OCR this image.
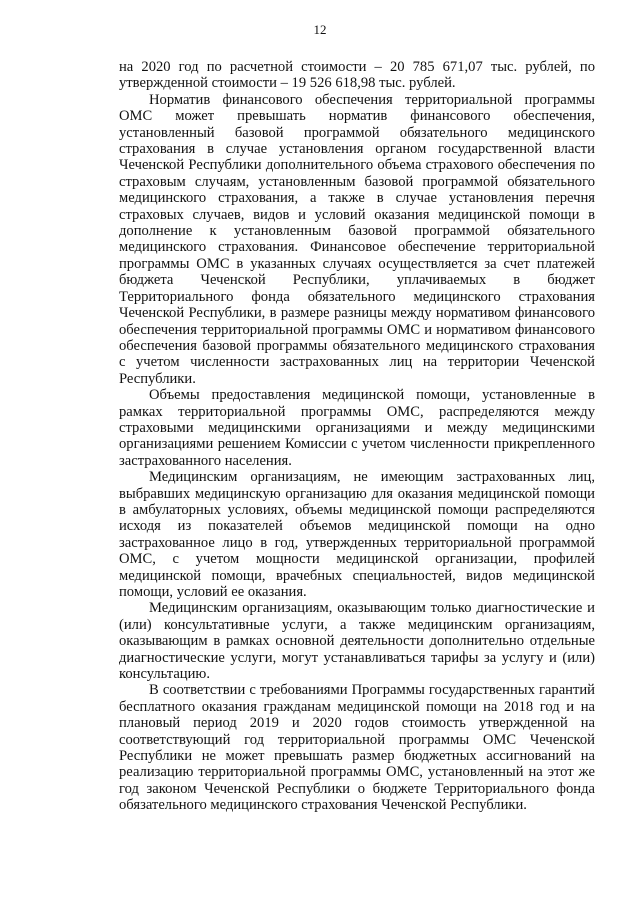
12

на 2020 год по расчетной стоимости – 20 785 671,07 тыс. рублей, по утвержденной стоимости – 19 526 618,98 тыс. рублей.

Норматив финансового обеспечения территориальной программы ОМС может превышать норматив финансового обеспечения, установленный базовой программой обязательного медицинского страхования в случае установления органом государственной власти Чеченской Республики дополнительного объема страхового обеспечения по страховым случаям, установленным базовой программой обязательного медицинского страхования, а также в случае установления перечня страховых случаев, видов и условий оказания медицинской помощи в дополнение к установленным базовой программой обязательного медицинского страхования. Финансовое обеспечение территориальной программы ОМС в указанных случаях осуществляется за счет платежей бюджета Чеченской Республики, уплачиваемых в бюджет Территориального фонда обязательного медицинского страхования Чеченской Республики, в размере разницы между нормативом финансового обеспечения территориальной программы ОМС и нормативом финансового обеспечения базовой программы обязательного медицинского страхования с учетом численности застрахованных лиц на территории Чеченской Республики.

Объемы предоставления медицинской помощи, установленные в рамках территориальной программы ОМС, распределяются между страховыми медицинскими организациями и между медицинскими организациями решением Комиссии с учетом численности прикрепленного застрахованного населения.

Медицинским организациям, не имеющим застрахованных лиц, выбравших медицинскую организацию для оказания медицинской помощи в амбулаторных условиях, объемы медицинской помощи распределяются исходя из показателей объемов медицинской помощи на одно застрахованное лицо в год, утвержденных территориальной программой ОМС, с учетом мощности медицинской организации, профилей медицинской помощи, врачебных специальностей, видов медицинской помощи, условий ее оказания.

Медицинским организациям, оказывающим только диагностические и (или) консультативные услуги, а также медицинским организациям, оказывающим в рамках основной деятельности дополнительно отдельные диагностические услуги, могут устанавливаться тарифы за услугу и (или) консультацию.

В соответствии с требованиями Программы государственных гарантий бесплатного оказания гражданам медицинской помощи на 2018 год и на плановый период 2019 и 2020 годов стоимость утвержденной на соответствующий год территориальной программы ОМС Чеченской Республики не может превышать размер бюджетных ассигнований на реализацию территориальной программы ОМС, установленный на этот же год законом Чеченской Республики о бюджете Территориального фонда обязательного медицинского страхования Чеченской Республики.
